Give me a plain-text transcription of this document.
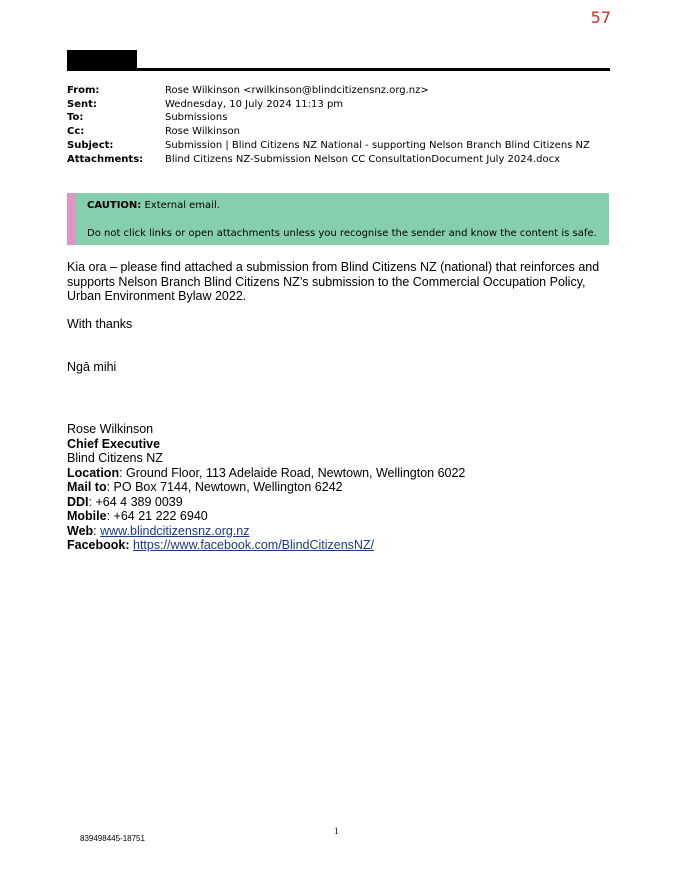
57
From:	Rose Wilkinson <rwilkinson@blindcitizensnz.org.nz>
Sent:	Wednesday, 10 July 2024 11:13 pm
To:	Submissions
Cc:	Rose Wilkinson
Subject:	Submission | Blind Citizens NZ National - supporting Nelson Branch Blind Citizens NZ
Attachments:	Blind Citizens NZ-Submission Nelson CC ConsultationDocument July 2024.docx
CAUTION: External email.
Do not click links or open attachments unless you recognise the sender and know the content is safe.

Kia ora – please find attached a submission from Blind Citizens NZ (national) that reinforces and supports Nelson Branch Blind Citizens NZ’s submission to the Commercial Occupation Policy, Urban Environment Bylaw 2022.

With thanks

Ngā mihi

Rose Wilkinson
Chief Executive
Blind Citizens NZ
Location: Ground Floor, 113 Adelaide Road, Newtown, Wellington 6022
Mail to: PO Box 7144, Newtown, Wellington 6242
DDI: +64 4 389 0039
Mobile: +64 21 222 6940
Web: www.blindcitizensnz.org.nz
Facebook: https://www.facebook.com/BlindCitizensNZ/
1
839498445-18751
